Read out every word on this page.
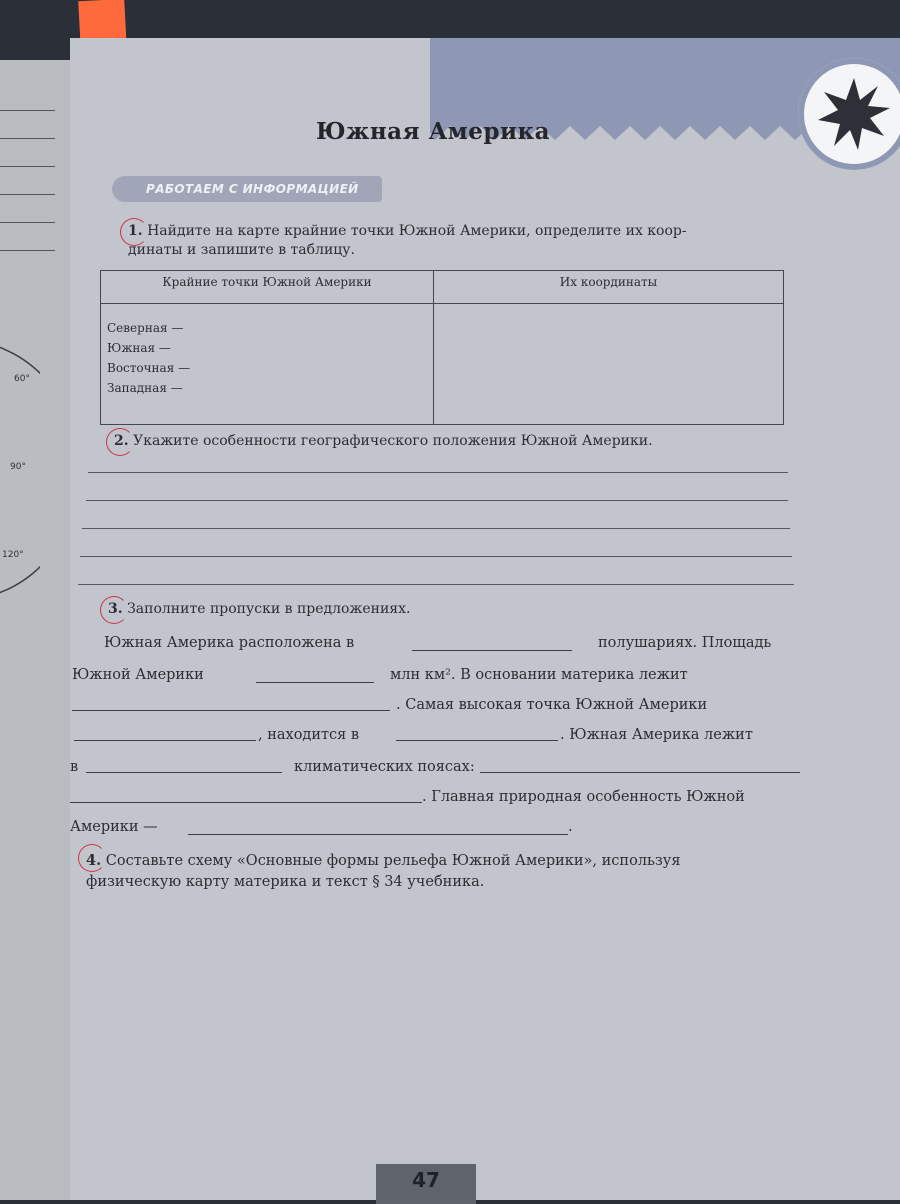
60°
90°
120°
Южная Америка
РАБОТАЕМ С ИНФОРМАЦИЕЙ
1. Найдите на карте крайние точки Южной Америки, определите их коор-
динаты и запишите в таблицу.
Крайние точки Южной Америки	Их координаты

Северная —
Южная —
Восточная —
Западная —	

2. Укажите особенности географического положения Южной Америки.
3. Заполните пропуски в предложениях.
Южная Америка расположена в	полушариях. Площадь
Южной Америки	млн км². В основании материка лежит
. Самая высокая точка Южной Америки
, находится в	. Южная Америка лежит
в	климатических поясах:
. Главная природная особенность Южной
Америки —	.
4. Составьте схему «Основные формы рельефа Южной Америки», используя
физическую карту материка и текст § 34 учебника.
47
